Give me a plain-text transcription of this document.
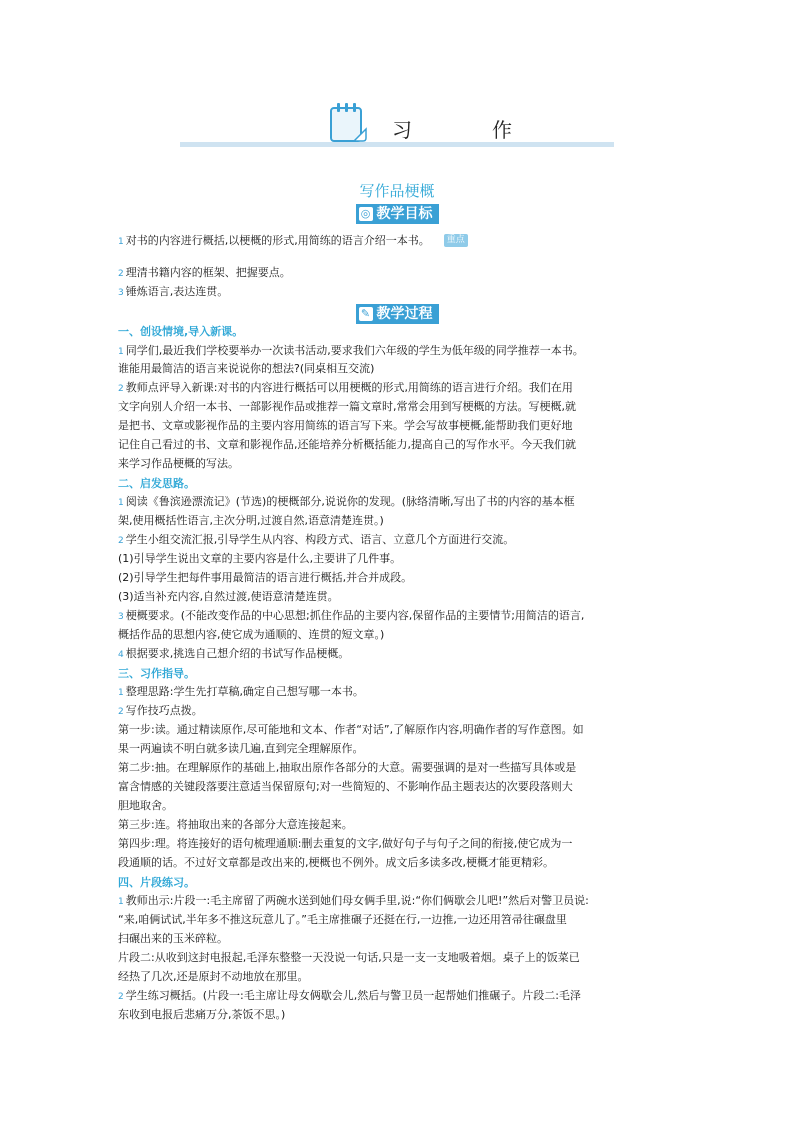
习　作
写作品梗概
◎ 教学目标
1 对书的内容进行概括,以梗概的形式,用简练的语言介绍一本书。 重点
2 理清书籍内容的框架、把握要点。
3 锤炼语言,表达连贯。
✎ 教学过程
一、创设情境,导入新课。
1 同学们,最近我们学校要举办一次读书活动,要求我们六年级的学生为低年级的同学推荐一本书。
谁能用最简洁的语言来说说你的想法?(同桌相互交流)
2 教师点评导入新课:对书的内容进行概括可以用梗概的形式,用简练的语言进行介绍。我们在用
文字向别人介绍一本书、一部影视作品或推荐一篇文章时,常常会用到写梗概的方法。写梗概,就
是把书、文章或影视作品的主要内容用简练的语言写下来。学会写故事梗概,能帮助我们更好地
记住自己看过的书、文章和影视作品,还能培养分析概括能力,提高自己的写作水平。今天我们就
来学习作品梗概的写法。
二、启发思路。
1 阅读《鲁滨逊漂流记》(节选)的梗概部分,说说你的发现。(脉络清晰,写出了书的内容的基本框
架,使用概括性语言,主次分明,过渡自然,语意清楚连贯。)
2 学生小组交流汇报,引导学生从内容、构段方式、语言、立意几个方面进行交流。
(1)引导学生说出文章的主要内容是什么,主要讲了几件事。
(2)引导学生把每件事用最简洁的语言进行概括,并合并成段。
(3)适当补充内容,自然过渡,使语意清楚连贯。
3 梗概要求。(不能改变作品的中心思想;抓住作品的主要内容,保留作品的主要情节;用简洁的语言,
概括作品的思想内容,使它成为通顺的、连贯的短文章。)
4 根据要求,挑选自己想介绍的书试写作品梗概。
三、习作指导。
1 整理思路:学生先打草稿,确定自己想写哪一本书。
2 写作技巧点拨。
第一步:读。通过精读原作,尽可能地和文本、作者“对话”,了解原作内容,明确作者的写作意图。如
果一两遍读不明白就多读几遍,直到完全理解原作。
第二步:抽。在理解原作的基础上,抽取出原作各部分的大意。需要强调的是对一些描写具体或是
富含情感的关键段落要注意适当保留原句;对一些简短的、不影响作品主题表达的次要段落则大
胆地取舍。
第三步:连。将抽取出来的各部分大意连接起来。
第四步:理。将连接好的语句梳理通顺:删去重复的文字,做好句子与句子之间的衔接,使它成为一
段通顺的话。不过好文章都是改出来的,梗概也不例外。成文后多读多改,梗概才能更精彩。
四、片段练习。
1 教师出示:片段一:毛主席留了两碗水送到她们母女俩手里,说:“你们俩歇会儿吧!”然后对警卫员说:
“来,咱俩试试,半年多不推这玩意儿了。”毛主席推碾子还挺在行,一边推,一边还用笤帚往碾盘里
扫碾出来的玉米碎粒。
片段二:从收到这封电报起,毛泽东整整一天没说一句话,只是一支一支地吸着烟。桌子上的饭菜已
经热了几次,还是原封不动地放在那里。
2 学生练习概括。(片段一:毛主席让母女俩歇会儿,然后与警卫员一起帮她们推碾子。片段二:毛泽
东收到电报后悲痛万分,茶饭不思。)
